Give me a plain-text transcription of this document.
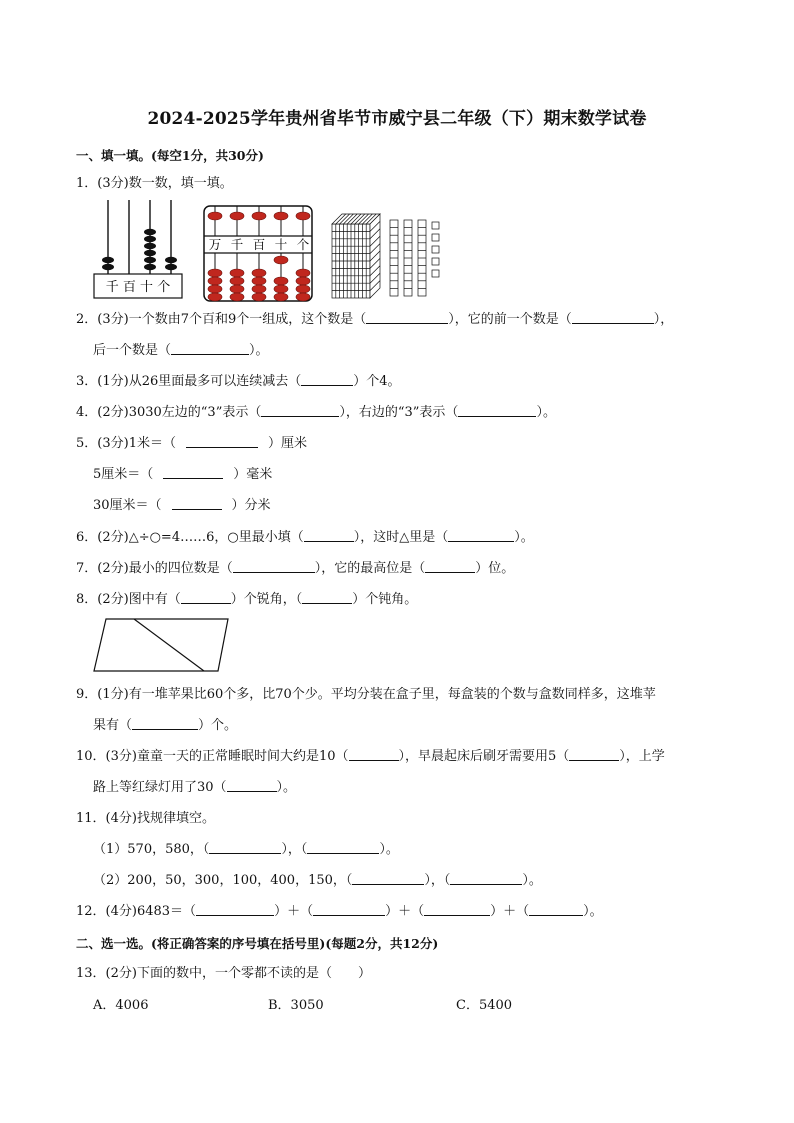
2024-2025学年贵州省毕节市威宁县二年级（下）期末数学试卷
一、填一填。(每空1分，共30分)
1．(3分)数一数，填一填。
千 百 十 个
万 千 百 十 个
2．(3分)一个数由7个百和9个一组成，这个数是（	），它的前一个数是（	），
后一个数是（	）。
3．(1分)从26里面最多可以连续减去（	）个4。
4．(2分)3030左边的“3”表示（	），右边的“3”表示（	）。
5．(3分)1米＝（	）厘米
5厘米＝（	）毫米
30厘米＝（	）分米
6．(2分)△÷○=4……6，○里最小填（	），这时△里是（	）。
7．(2分)最小的四位数是（	），它的最高位是（	）位。
8．(2分)图中有（	）个锐角，（	）个钝角。
9．(1分)有一堆苹果比60个多，比70个少。平均分装在盒子里，每盒装的个数与盒数同样多，这堆苹
果有（	）个。
10．(3分)童童一天的正常睡眠时间大约是10（	），早晨起床后刷牙需要用5（	），上学
路上等红绿灯用了30（	）。
11．(4分)找规律填空。
（1）570，580，（	），（	）。
（2）200，50，300，100，400，150，（	），（	）。
12．(4分)6483＝（	）＋（	）＋（	）＋（	）。
二、选一选。(将正确答案的序号填在括号里)(每题2分，共12分)
13．(2分)下面的数中，一个零都不读的是（　　）
A．4006	B．3050	C．5400
